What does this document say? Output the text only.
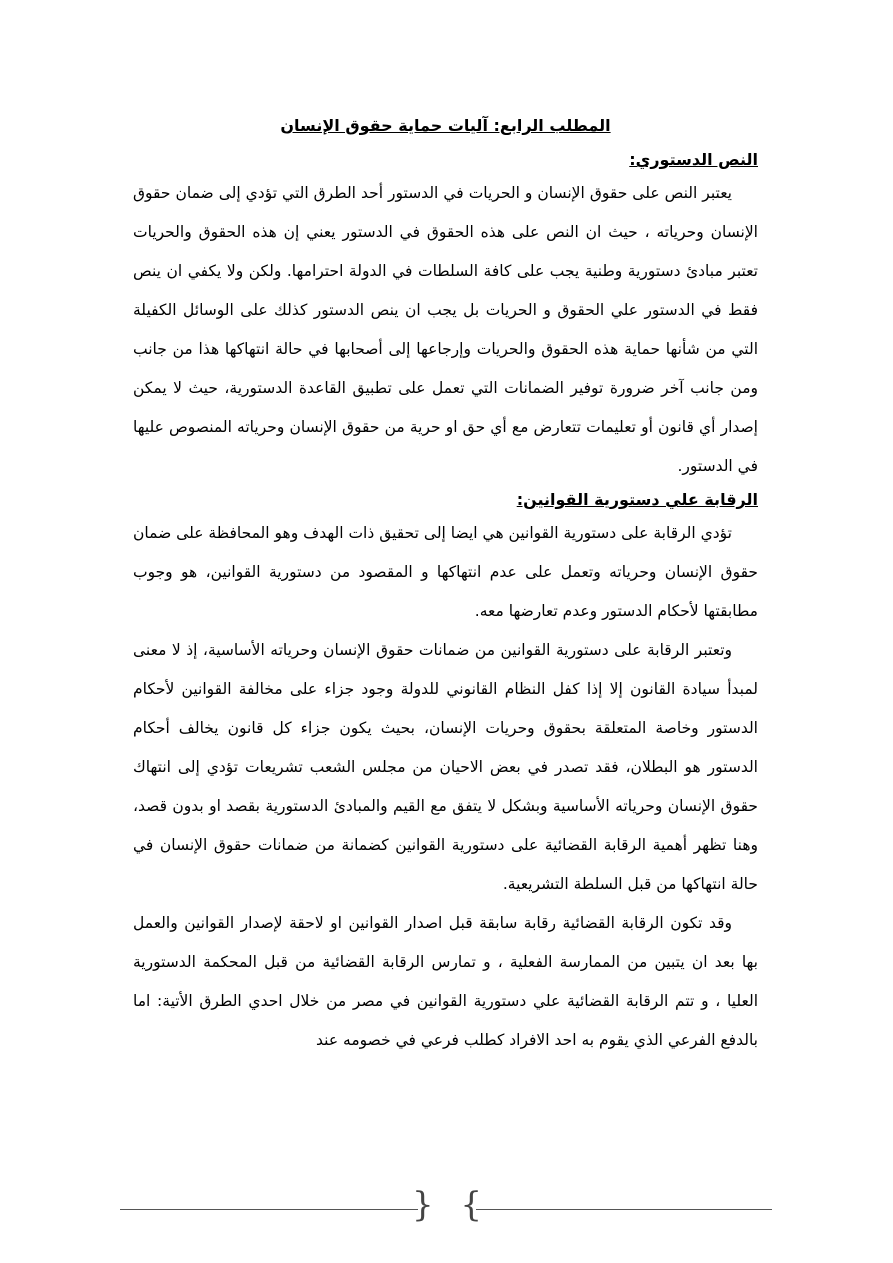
المطلب الرابع: آليات حماية حقوق الإنسان
النص الدستوري:

يعتبر النص على حقوق الإنسان و الحريات في الدستور أحد الطرق التي تؤدي إلى ضمان حقوق الإنسان وحرياته ، حيث ان النص على هذه الحقوق في الدستور يعني إن هذه الحقوق والحريات تعتبر مبادئ دستورية وطنية يجب على كافة السلطات في الدولة احترامها. ولكن ولا يكفي ان ينص فقط في الدستور علي الحقوق و الحريات بل يجب ان ينص الدستور كذلك على الوسائل الكفيلة التي من شأنها حماية هذه الحقوق والحريات وإرجاعها إلى أصحابها في حالة انتهاكها هذا من جانب ومن جانب آخر ضرورة توفير الضمانات التي تعمل على تطبيق القاعدة الدستورية، حيث لا يمكن إصدار أي قانون أو تعليمات تتعارض مع أي حق او حرية من حقوق الإنسان وحرياته المنصوص عليها في الدستور.

الرقابة علي دستورية القوانين:

تؤدي الرقابة على دستورية القوانين هي ايضا إلى تحقيق ذات الهدف وهو المحافظة على ضمان حقوق الإنسان وحرياته وتعمل على عدم انتهاكها و المقصود من دستورية القوانين، هو وجوب مطابقتها لأحكام الدستور وعدم تعارضها معه.

وتعتبر الرقابة على دستورية القوانين من ضمانات حقوق الإنسان وحرياته الأساسية، إذ لا معنى لمبدأ سيادة القانون إلا إذا كفل النظام القانوني للدولة وجود جزاء على مخالفة القوانين لأحكام الدستور وخاصة المتعلقة بحقوق وحريات الإنسان، بحيث يكون جزاء كل قانون يخالف أحكام الدستور هو البطلان، فقد تصدر في بعض الاحيان من مجلس الشعب تشريعات تؤدي إلى انتهاك حقوق الإنسان وحرياته الأساسية وبشكل لا يتفق مع القيم والمبادئ الدستورية بقصد او بدون قصد، وهنا تظهر أهمية الرقابة القضائية على دستورية القوانين كضمانة من ضمانات حقوق الإنسان في حالة انتهاكها من قبل السلطة التشريعية.

وقد تكون الرقابة القضائية رقابة سابقة قبل اصدار القوانين او لاحقة لإصدار القوانين والعمل بها بعد ان يتبين من الممارسة الفعلية ، و تمارس الرقابة القضائية من قبل المحكمة الدستورية العليا ، و تتم الرقابة القضائية علي دستورية القوانين في مصر من خلال احدي الطرق الأتية: اما بالدفع الفرعي الذي يقوم به احد الافراد كطلب فرعي في خصومه عند

{ }
